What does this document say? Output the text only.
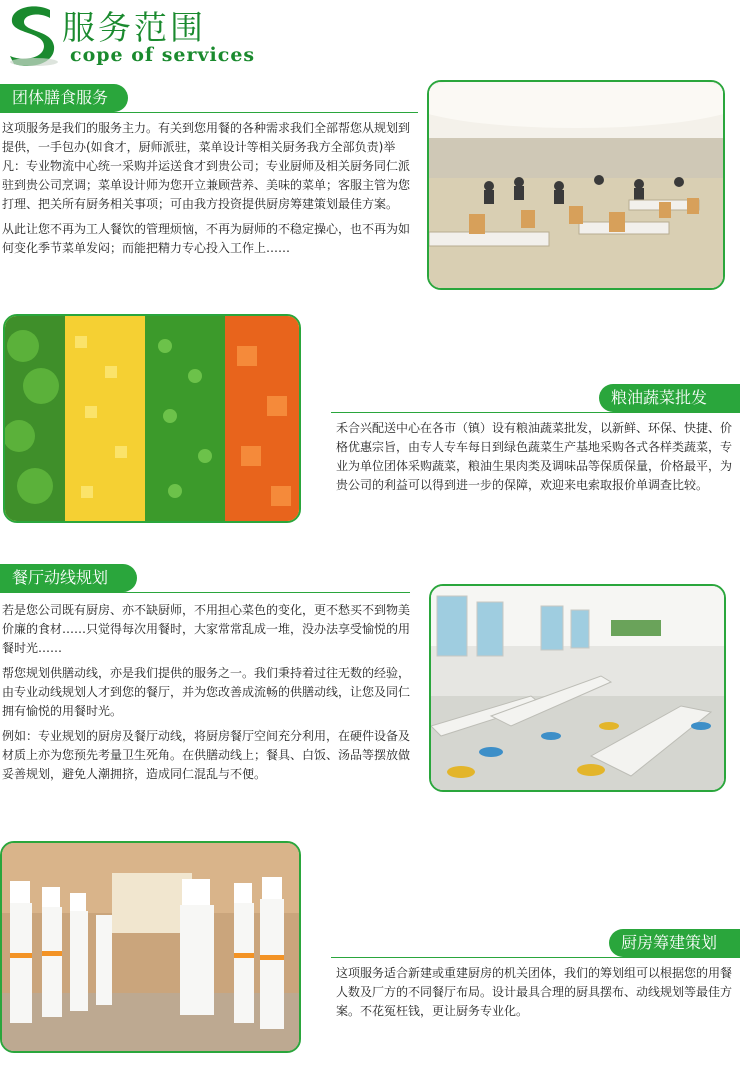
服务范围
cope of services
团体膳食服务

这项服务是我们的服务主力。有关到您用餐的各种需求我们全部帮您从规划到提供，一手包办(如食才，厨师派驻，菜单设计等相关厨务我方全部负责)举凡：专业物流中心统一采购并运送食才到贵公司；专业厨师及相关厨务同仁派驻到贵公司烹调；菜单设计师为您开立兼顾营养、美味的菜单；客服主管为您打理、把关所有厨务相关事项；可由我方投资提供厨房筹建策划最佳方案。

从此让您不再为工人餐饮的管理烦恼，不再为厨师的不稳定操心，也不再为如何变化季节菜单发闷；而能把精力专心投入工作上……

粮油蔬菜批发

禾合兴配送中心在各市（镇）设有粮油蔬菜批发，以新鲜、环保、快捷、价格优惠宗旨，由专人专车每日到绿色蔬菜生产基地采购各式各样类蔬菜，专业为单位团体采购蔬菜，粮油生果肉类及调味品等保质保量，价格最平，为贵公司的利益可以得到进一步的保障，欢迎来电索取报价单调查比较。

餐厅动线规划

若是您公司既有厨房、亦不缺厨师，不用担心菜色的变化，更不愁买不到物美价廉的食材……只觉得每次用餐时，大家常常乱成一堆，没办法享受愉悦的用餐时光……

帮您规划供膳动线，亦是我们提供的服务之一。我们秉持着过往无数的经验，由专业动线规划人才到您的餐厅，并为您改善成流畅的供膳动线，让您及同仁拥有愉悦的用餐时光。

例如：专业规划的厨房及餐厅动线，将厨房餐厅空间充分利用，在硬件设备及材质上亦为您预先考量卫生死角。在供膳动线上；餐具、白饭、汤品等摆放做妥善规划，避免人潮拥挤，造成同仁混乱与不便。

厨房筹建策划

这项服务适合新建或重建厨房的机关团体，我们的筹划组可以根据您的用餐人数及厂方的不同餐厅布局。设计最具合理的厨具摆布、动线规划等最佳方案。不花冤枉钱，更让厨务专业化。
